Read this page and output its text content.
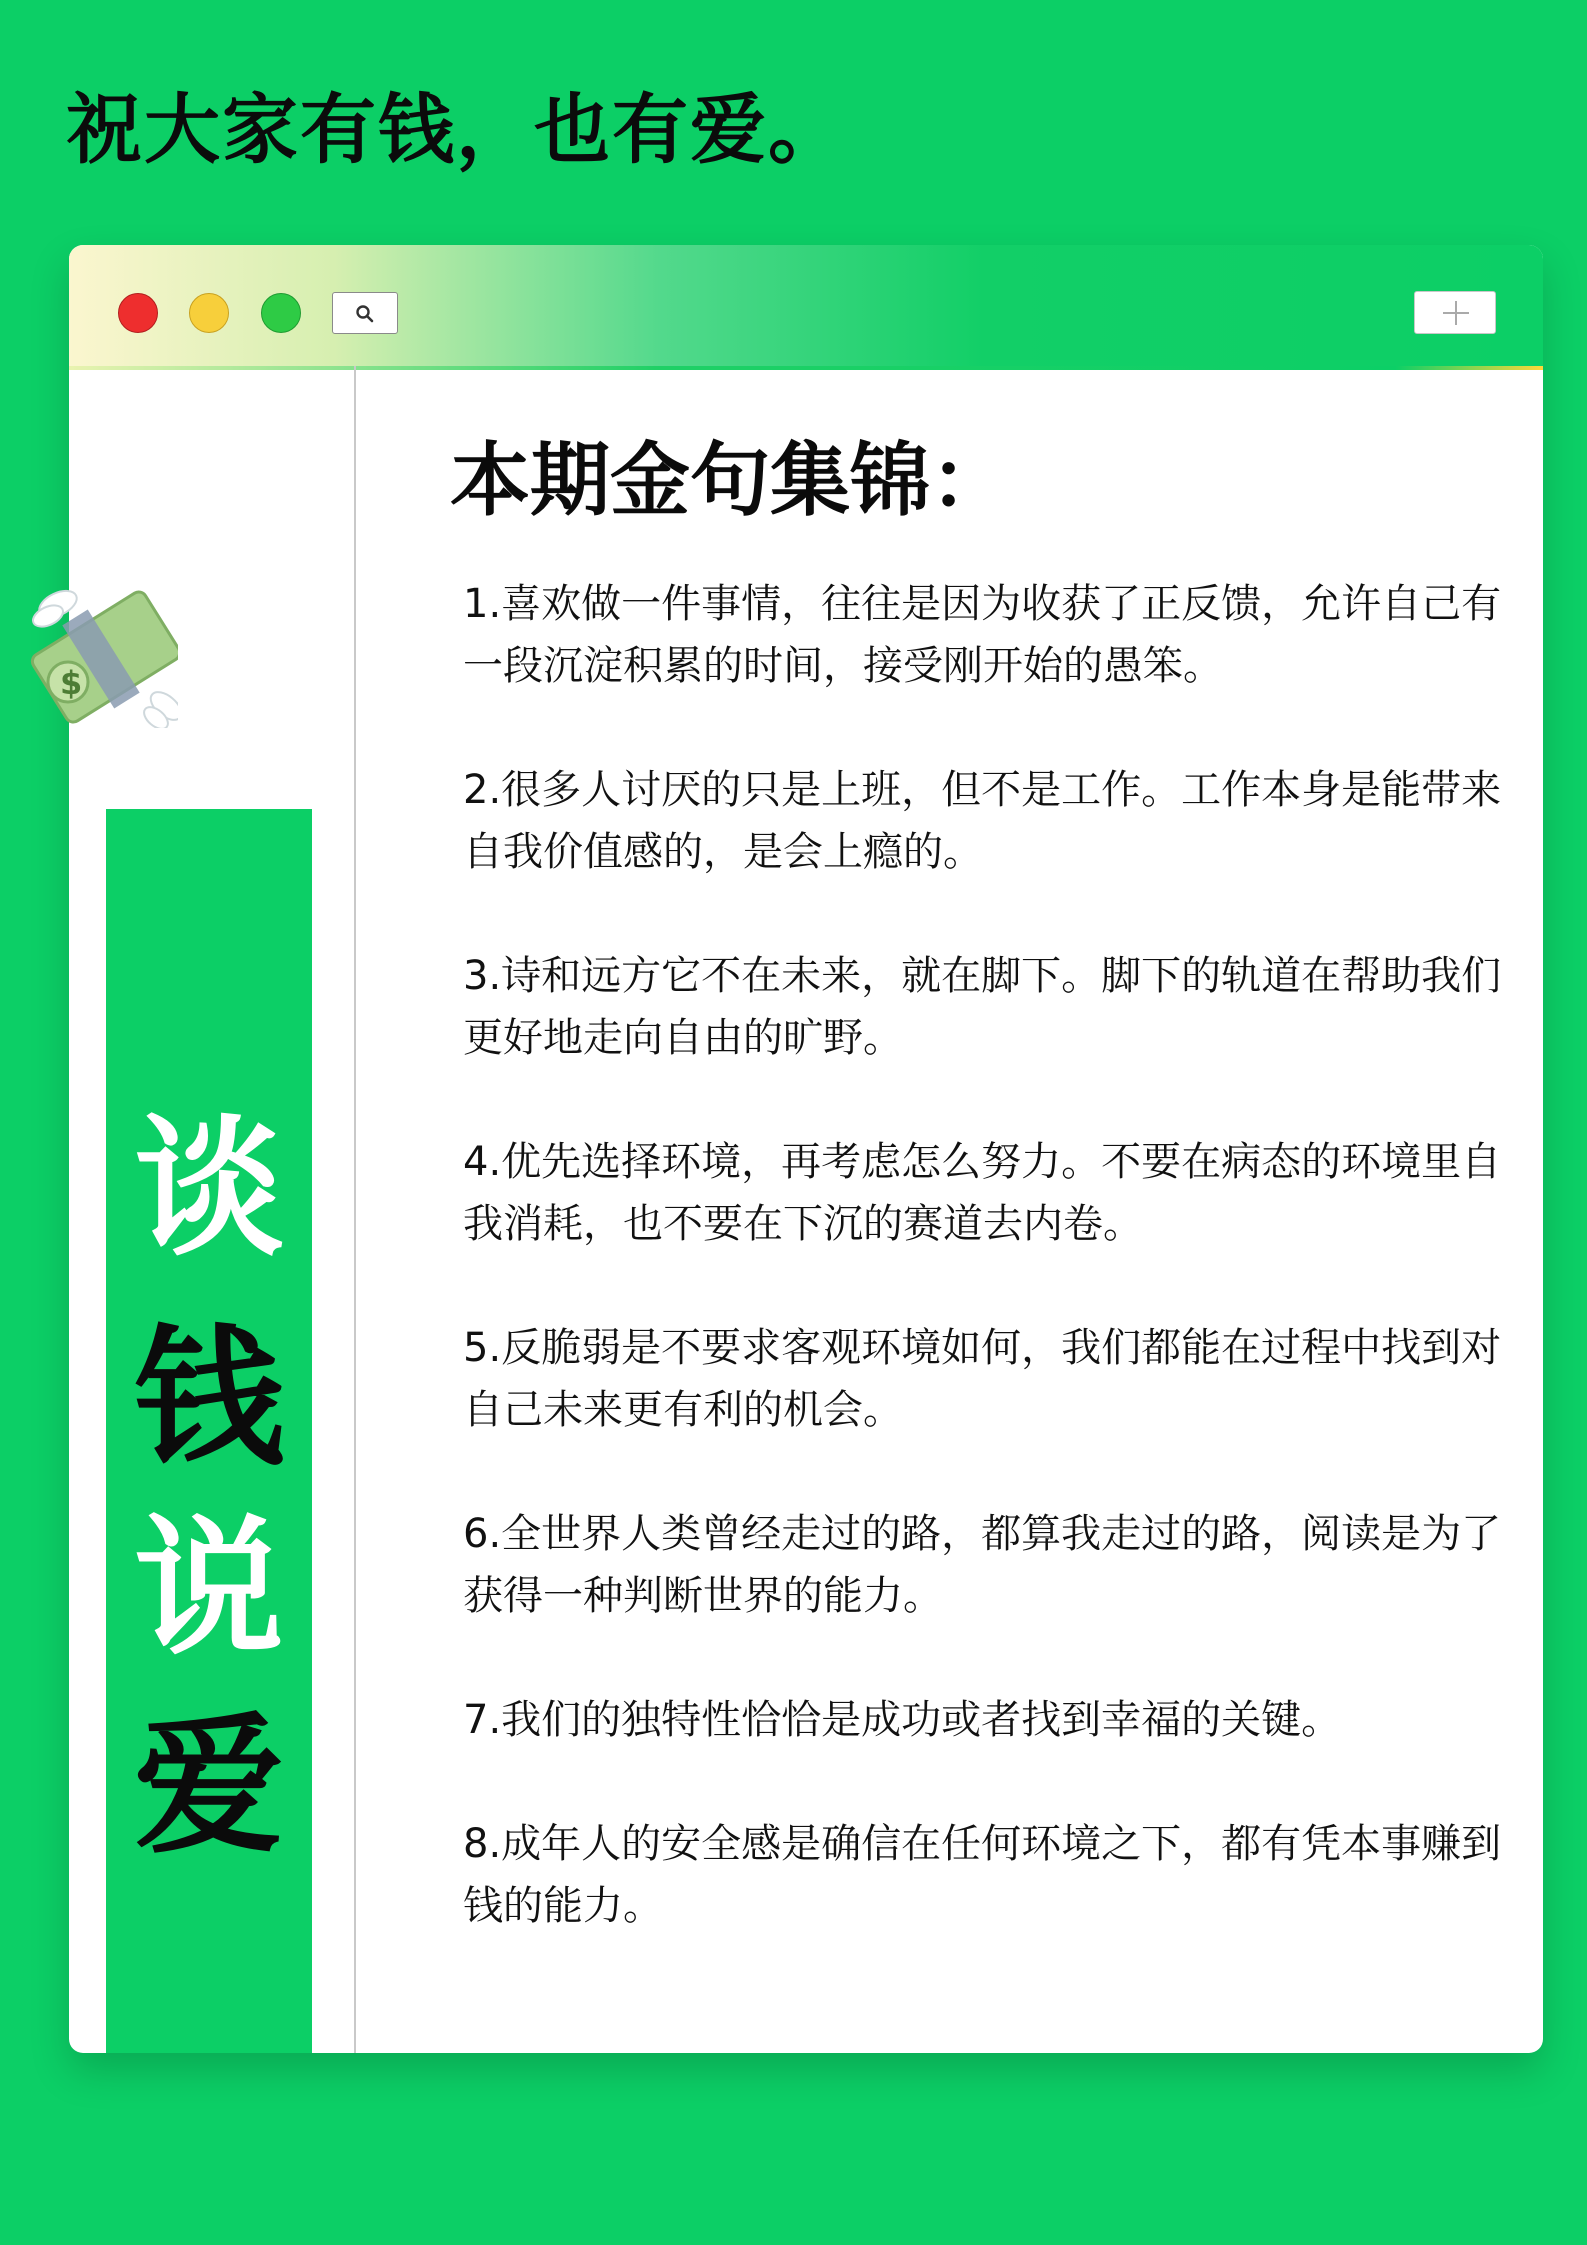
祝大家有钱，也有爱。
谈
钱
说
爱
本期金句集锦：
1.喜欢做一件事情，往往是因为收获了正反馈，允许自己有一段沉淀积累的时间，接受刚开始的愚笨。
2.很多人讨厌的只是上班，但不是工作。工作本身是能带来自我价值感的，是会上瘾的。
3.诗和远方它不在未来，就在脚下。脚下的轨道在帮助我们更好地走向自由的旷野。
4.优先选择环境，再考虑怎么努力。不要在病态的环境里自我消耗，也不要在下沉的赛道去内卷。
5.反脆弱是不要求客观环境如何，我们都能在过程中找到对自己未来更有利的机会。
6.全世界人类曾经走过的路，都算我走过的路，阅读是为了获得一种判断世界的能力。
7.我们的独特性恰恰是成功或者找到幸福的关键。
8.成年人的安全感是确信在任何环境之下，都有凭本事赚到钱的能力。
$
